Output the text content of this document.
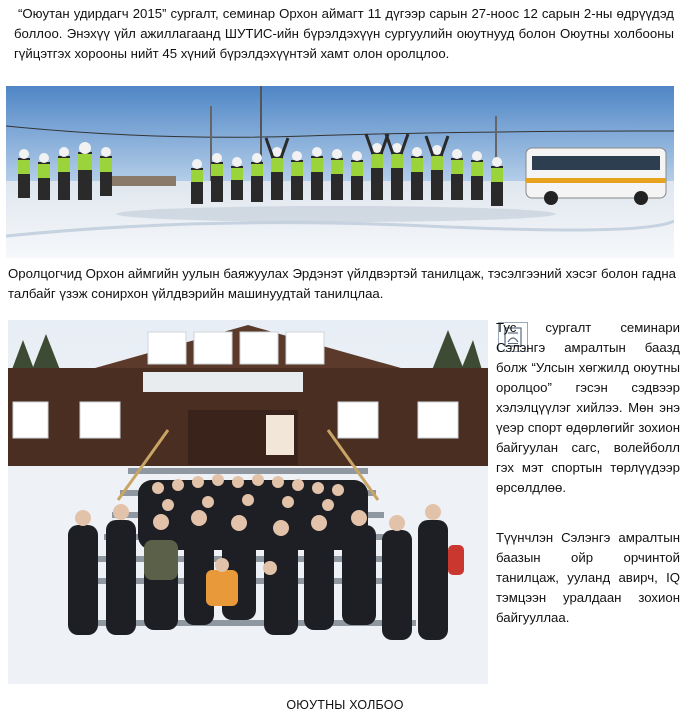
“Оюутан удирдагч 2015” сургалт, семинар Орхон аймагт 11 дүгээр сарын 27-ноос 12 сарын 2-ны өдрүүдэд боллоо. Энэхүү үйл ажиллагаанд ШУТИС-ийн бүрэлдэхүүн сургуулийн оюутнууд болон Оюутны холбооны гүйцэтгэх хорооны нийт 45 хүний бүрэлдэхүүнтэй хамт олон оролцлоо.

Оролцогчид Орхон аймгийн уулын баяжуулах Эрдэнэт үйлдвэртэй танилцаж, тэсэлгээний хэсэг болон гадна талбайг үзэж сонирхон үйлдвэрийн машинуудтай танилцлаа.

Тус сургалт семинари Сэлэнгэ амралтын баазд болж “Улсын хөгжилд оюутны оролцоо” гэсэн сэдвээр хэлэлцүүлэг хийлээ. Мөн энэ үеэр спорт өдөрлөгийг зохион байгуулан сагс, волейболл гэх мэт спортын төрлүүдээр өрсөлдлөө.

Түүнчлэн Сэлэнгэ амралтын баазын ойр орчинтой танилцаж, ууланд авирч, IQ тэмцээн уралдаан зохион байгууллаа.

ОЮУТНЫ ХОЛБОО
